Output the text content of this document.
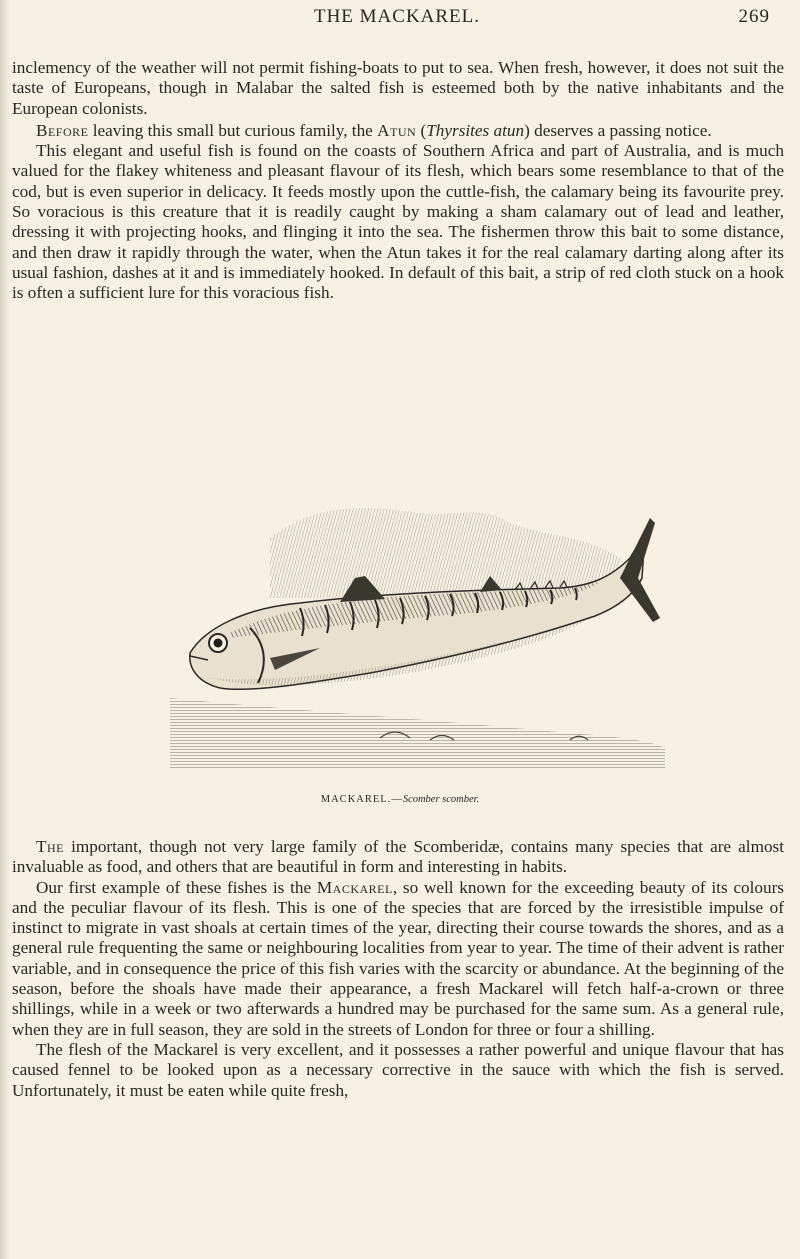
THE MACKAREL.	269

inclemency of the weather will not permit fishing-boats to put to sea. When fresh, however, it does not suit the taste of Europeans, though in Malabar the salted fish is esteemed both by the native inhabitants and the European colonists.

Before leaving this small but curious family, the Atun (Thyrsites atun) deserves a passing notice.

This elegant and useful fish is found on the coasts of Southern Africa and part of Australia, and is much valued for the flakey whiteness and pleasant flavour of its flesh, which bears some resemblance to that of the cod, but is even superior in delicacy. It feeds mostly upon the cuttle-fish, the calamary being its favourite prey. So voracious is this creature that it is readily caught by making a sham calamary out of lead and leather, dressing it with projecting hooks, and flinging it into the sea. The fishermen throw this bait to some distance, and then draw it rapidly through the water, when the Atun takes it for the real calamary darting along after its usual fashion, dashes at it and is immediately hooked. In default of this bait, a strip of red cloth stuck on a hook is often a sufficient lure for this voracious fish.

MACKAREL.—Scomber scomber.

The important, though not very large family of the Scomberidæ, contains many species that are almost invaluable as food, and others that are beautiful in form and interesting in habits.

Our first example of these fishes is the Mackarel, so well known for the exceeding beauty of its colours and the peculiar flavour of its flesh. This is one of the species that are forced by the irresistible impulse of instinct to migrate in vast shoals at certain times of the year, directing their course towards the shores, and as a general rule frequenting the same or neighbouring localities from year to year. The time of their advent is rather variable, and in consequence the price of this fish varies with the scarcity or abundance. At the beginning of the season, before the shoals have made their appearance, a fresh Mackarel will fetch half-a-crown or three shillings, while in a week or two afterwards a hundred may be purchased for the same sum. As a general rule, when they are in full season, they are sold in the streets of London for three or four a shilling.

The flesh of the Mackarel is very excellent, and it possesses a rather powerful and unique flavour that has caused fennel to be looked upon as a necessary corrective in the sauce with which the fish is served. Unfortunately, it must be eaten while quite fresh,
